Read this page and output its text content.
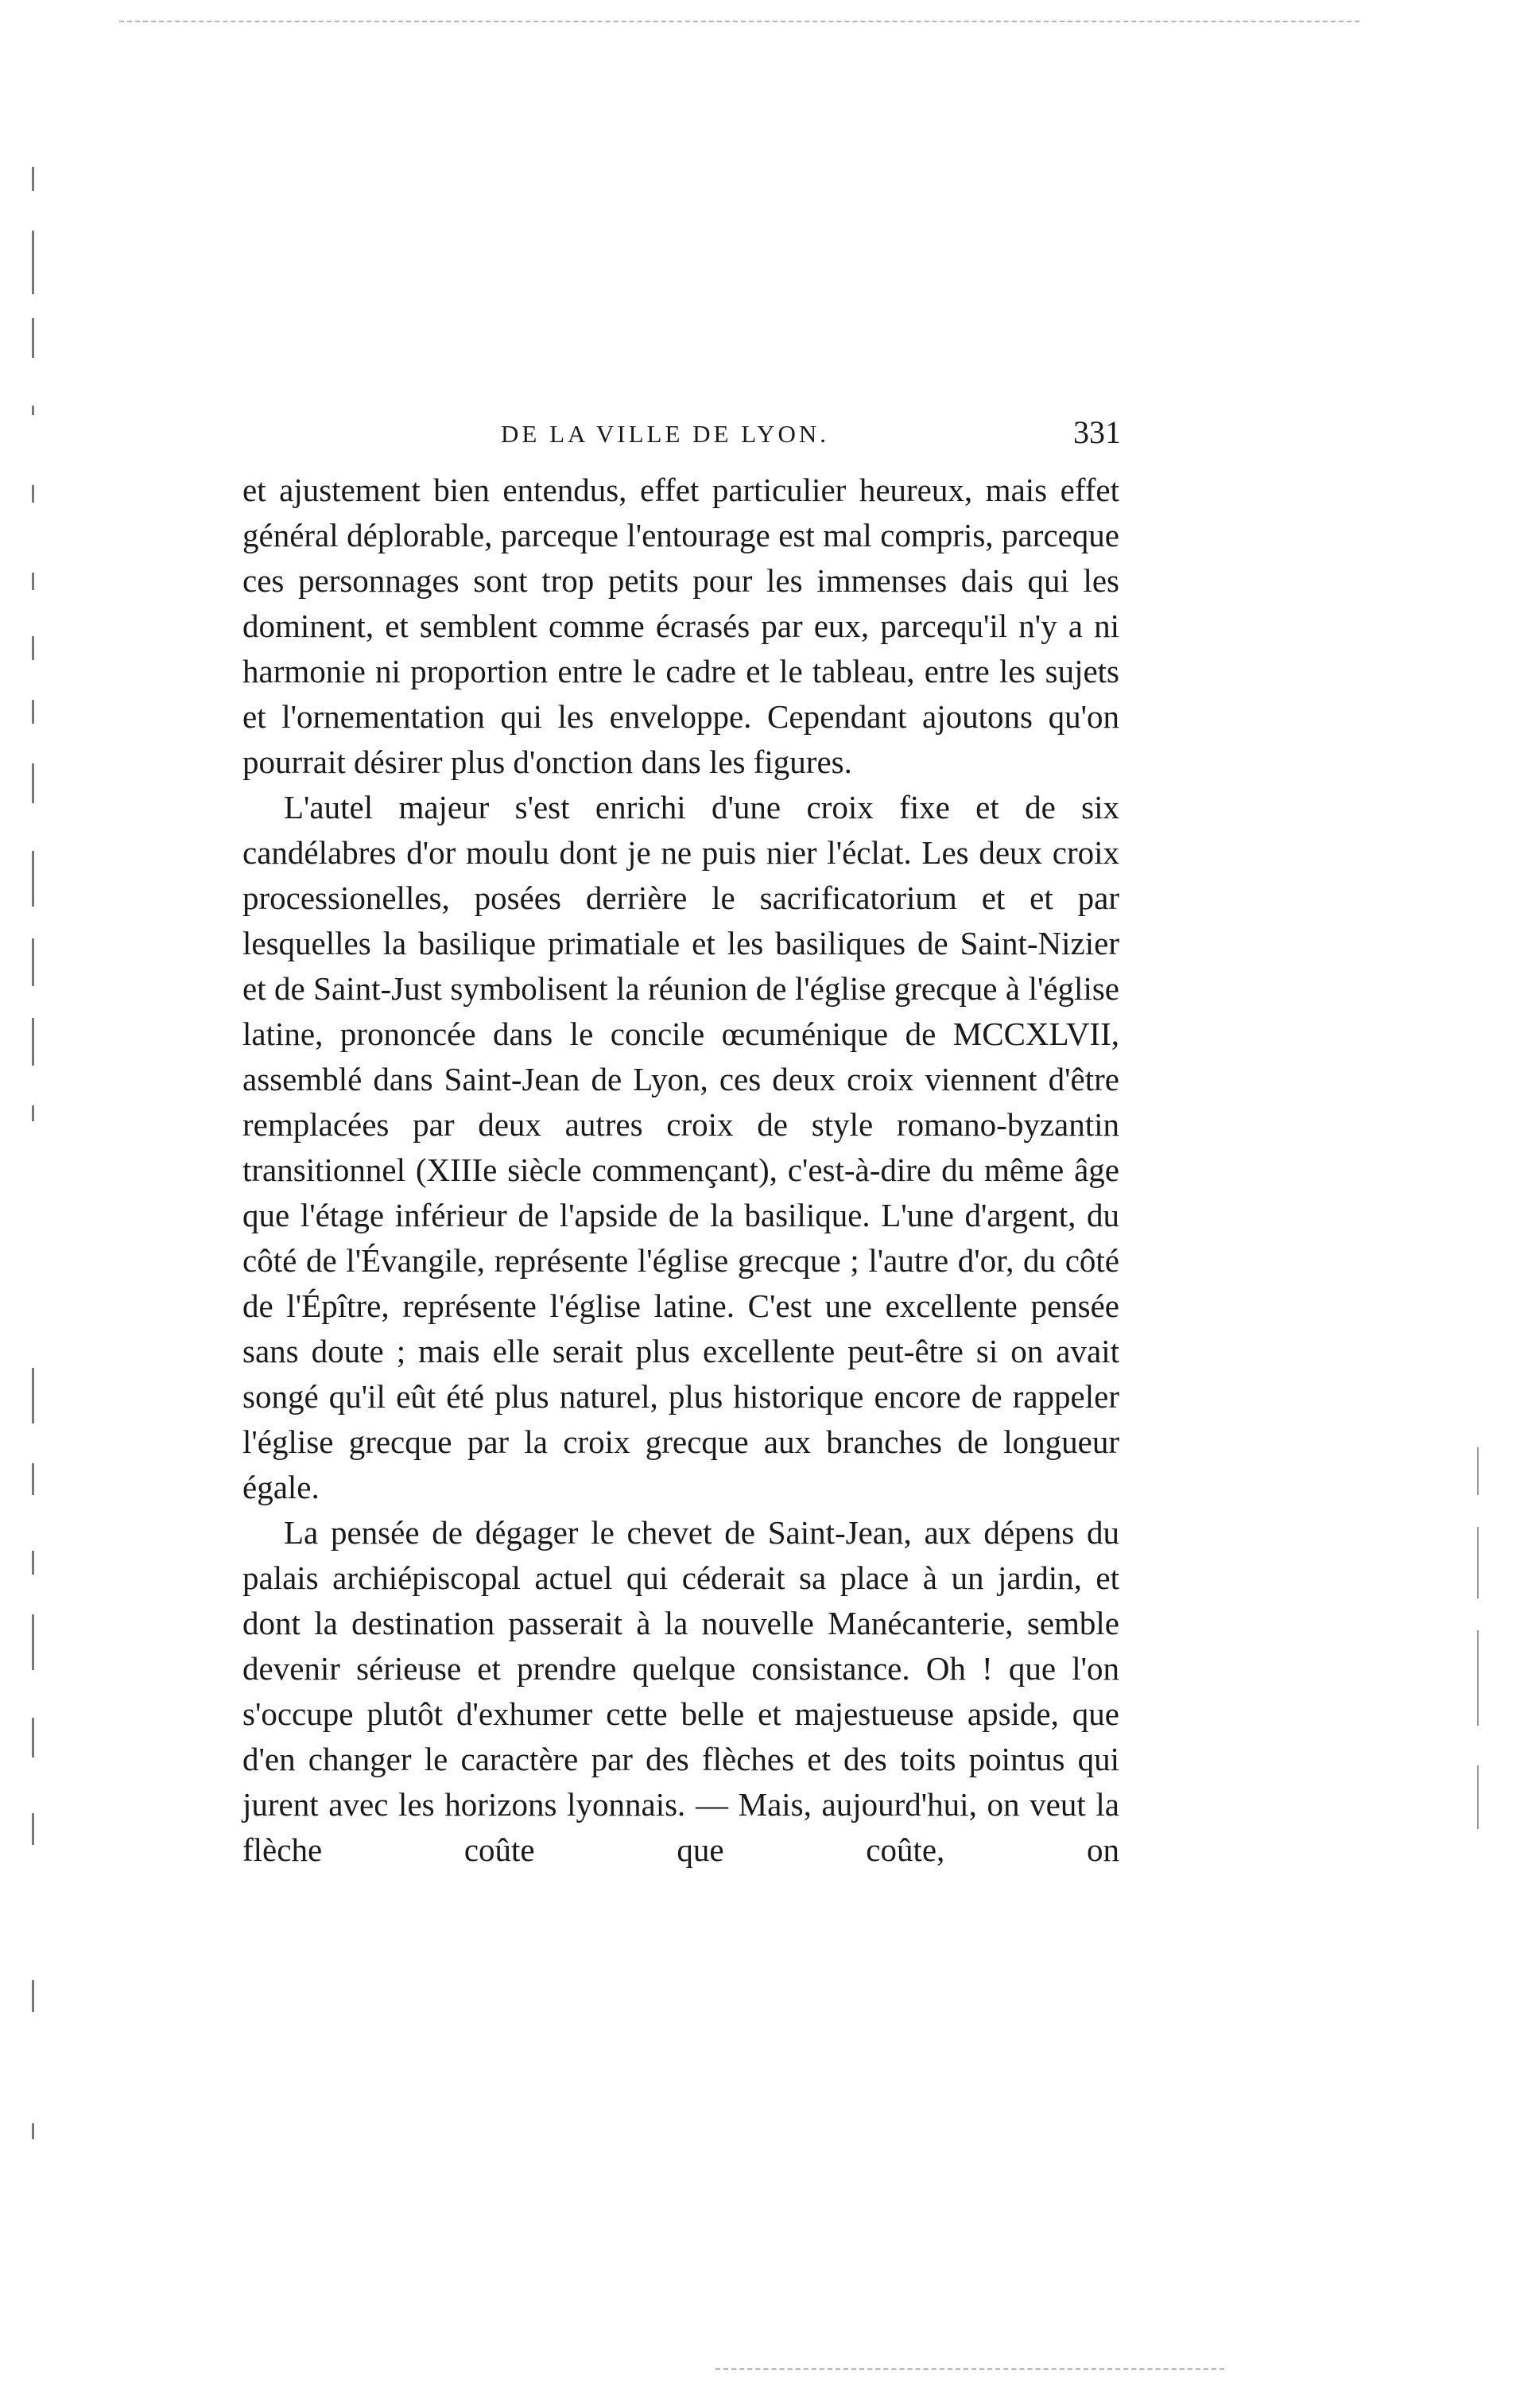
DE LA VILLE DE LYON.	331

et ajustement bien entendus, effet particulier heureux, mais effet général déplorable, parceque l'entourage est mal compris, parceque ces personnages sont trop petits pour les immenses dais qui les dominent, et semblent comme écrasés par eux, parcequ'il n'y a ni harmonie ni proportion entre le cadre et le tableau, entre les sujets et l'ornementation qui les enveloppe. Cependant ajoutons qu'on pourrait désirer plus d'onction dans les figures.

L'autel majeur s'est enrichi d'une croix fixe et de six candélabres d'or moulu dont je ne puis nier l'éclat. Les deux croix processionelles, posées derrière le sacrificatorium et et par lesquelles la basilique primatiale et les basiliques de Saint-Nizier et de Saint-Just symbolisent la réunion de l'église grecque à l'église latine, prononcée dans le concile œcuménique de MCCXLVII, assemblé dans Saint-Jean de Lyon, ces deux croix viennent d'être remplacées par deux autres croix de style romano-byzantin transitionnel (XIIIe siècle commençant), c'est-à-dire du même âge que l'étage inférieur de l'apside de la basilique. L'une d'argent, du côté de l'Évangile, représente l'église grecque ; l'autre d'or, du côté de l'Épître, représente l'église latine. C'est une excellente pensée sans doute ; mais elle serait plus excellente peut-être si on avait songé qu'il eût été plus naturel, plus historique encore de rappeler l'église grecque par la croix grecque aux branches de longueur égale.

La pensée de dégager le chevet de Saint-Jean, aux dépens du palais archiépiscopal actuel qui céderait sa place à un jardin, et dont la destination passerait à la nouvelle Manécanterie, semble devenir sérieuse et prendre quelque consistance. Oh ! que l'on s'occupe plutôt d'exhumer cette belle et majestueuse apside, que d'en changer le caractère par des flèches et des toits pointus qui jurent avec les horizons lyonnais. — Mais, aujourd'hui, on veut la flèche coûte que coûte, on
